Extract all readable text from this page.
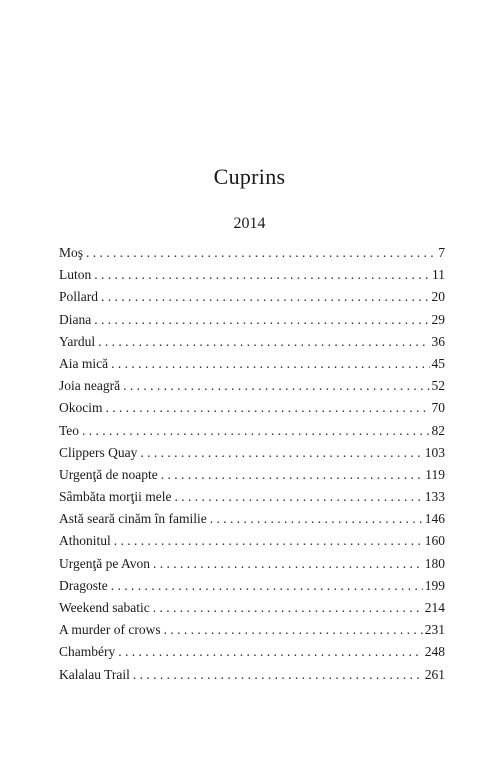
Cuprins
2014
Moş . . .	7
Luton . . .	11
Pollard . . .	20
Diana . . .	29
Yardul . . .	36
Aia mică . . .	45
Joia neagră . . .	52
Okocim . . .	70
Teo . . .	82
Clippers Quay . . .	103
Urgenţă de noapte . . .	119
Sâmbăta morţii mele . . .	133
Astă seară cinăm în familie . . .	146
Athonitul . . .	160
Urgenţă pe Avon . . .	180
Dragoste . . .	199
Weekend sabatic . . .	214
A murder of crows . . .	231
Chambéry . . .	248
Kalalau Trail . . .	261
